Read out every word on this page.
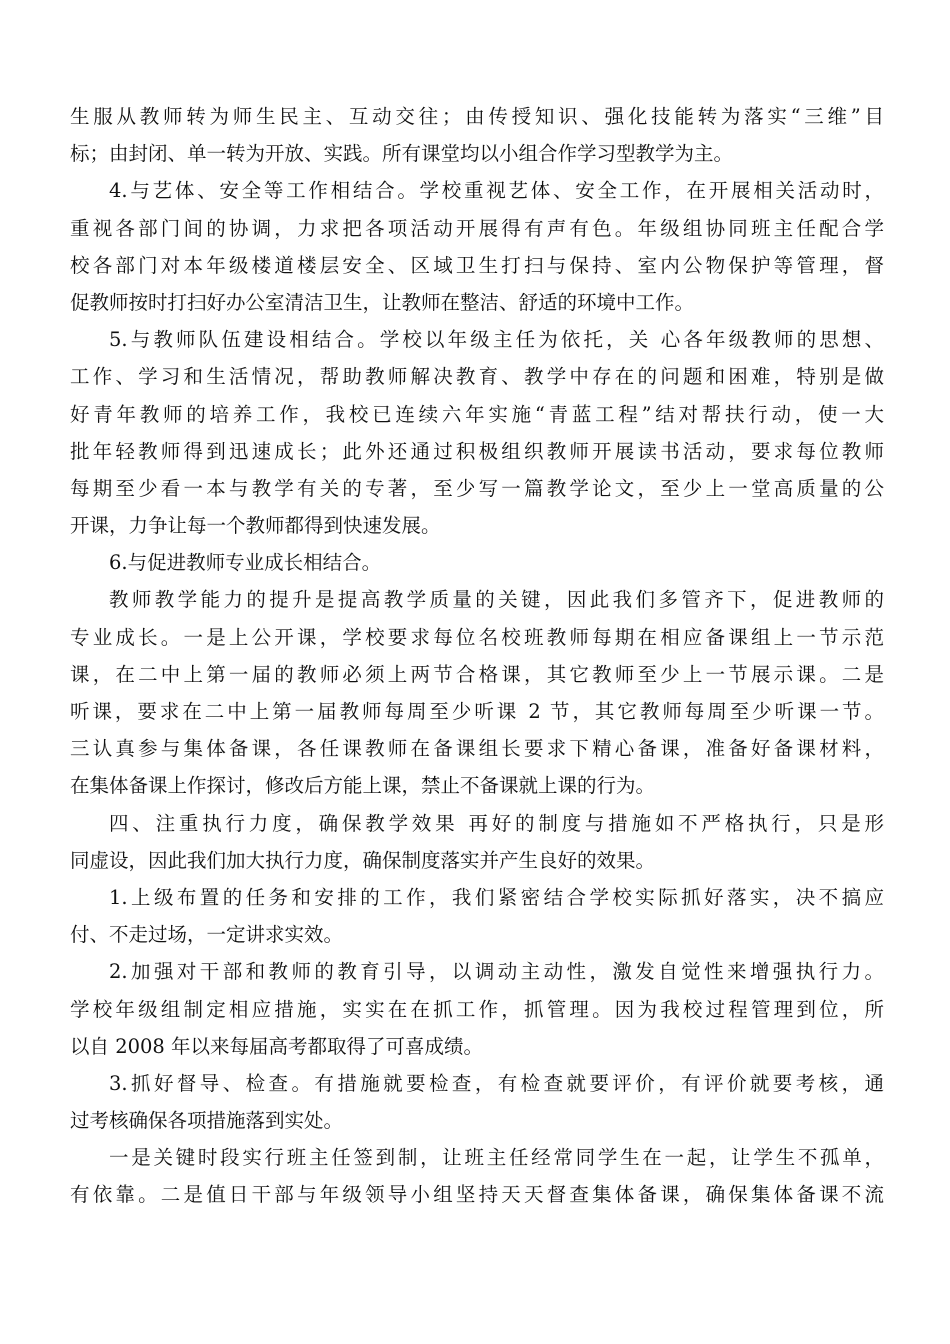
生服从教师转为师生民主、互动交往；由传授知识、强化技能转为落实“三维”目
标；由封闭、单一转为开放、实践。所有课堂均以小组合作学习型教学为主。
4.与艺体、安全等工作相结合。学校重视艺体、安全工作，在开展相关活动时，
重视各部门间的协调，力求把各项活动开展得有声有色。年级组协同班主任配合学
校各部门对本年级楼道楼层安全、区域卫生打扫与保持、室内公物保护等管理，督
促教师按时打扫好办公室清洁卫生，让教师在整洁、舒适的环境中工作。
5.与教师队伍建设相结合。学校以年级主任为依托，关 心各年级教师的思想、
工作、学习和生活情况，帮助教师解决教育、教学中存在的问题和困难，特别是做
好青年教师的培养工作，我校已连续六年实施“青蓝工程”结对帮扶行动，使一大
批年轻教师得到迅速成长；此外还通过积极组织教师开展读书活动，要求每位教师
每期至少看一本与教学有关的专著，至少写一篇教学论文，至少上一堂高质量的公
开课，力争让每一个教师都得到快速发展。
6.与促进教师专业成长相结合。
教师教学能力的提升是提高教学质量的关键，因此我们多管齐下，促进教师的
专业成长。一是上公开课，学校要求每位名校班教师每期在相应备课组上一节示范
课，在二中上第一届的教师必须上两节合格课，其它教师至少上一节展示课。二是
听课，要求在二中上第一届教师每周至少听课 2 节，其它教师每周至少听课一节。
三认真参与集体备课，各任课教师在备课组长要求下精心备课，准备好备课材料，
在集体备课上作探讨，修改后方能上课，禁止不备课就上课的行为。
四、注重执行力度，确保教学效果 再好的制度与措施如不严格执行，只是形
同虚设，因此我们加大执行力度，确保制度落实并产生良好的效果。
1.上级布置的任务和安排的工作，我们紧密结合学校实际抓好落实，决不搞应
付、不走过场，一定讲求实效。
2.加强对干部和教师的教育引导，以调动主动性，激发自觉性来增强执行力。
学校年级组制定相应措施，实实在在抓工作，抓管理。因为我校过程管理到位，所
以自 2008 年以来每届高考都取得了可喜成绩。
3.抓好督导、检查。有措施就要检查，有检查就要评价，有评价就要考核，通
过考核确保各项措施落到实处。
一是关键时段实行班主任签到制，让班主任经常同学生在一起，让学生不孤单，
有依靠。二是值日干部与年级领导小组坚持天天督查集体备课，确保集体备课不流
